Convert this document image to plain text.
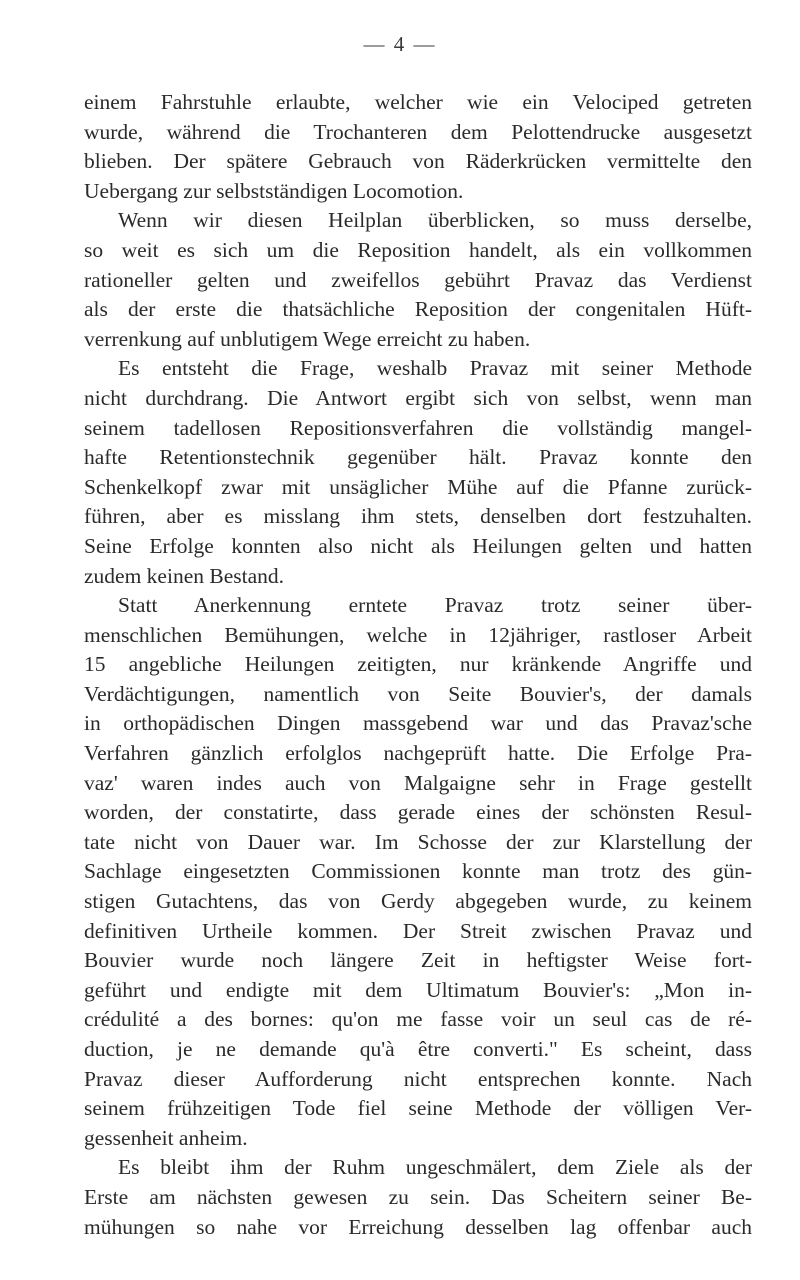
— 4 —
einem Fahrstuhle erlaubte, welcher wie ein Velociped getreten
wurde, während die Trochanteren dem Pelottendrucke ausgesetzt
blieben. Der spätere Gebrauch von Räderkrücken vermittelte den
Uebergang zur selbstständigen Locomotion.
Wenn wir diesen Heilplan überblicken, so muss derselbe,
so weit es sich um die Reposition handelt, als ein vollkommen
rationeller gelten und zweifellos gebührt Pravaz das Verdienst
als der erste die thatsächliche Reposition der congenitalen Hüft-
verrenkung auf unblutigem Wege erreicht zu haben.
Es entsteht die Frage, weshalb Pravaz mit seiner Methode
nicht durchdrang. Die Antwort ergibt sich von selbst, wenn man
seinem tadellosen Repositionsverfahren die vollständig mangel-
hafte Retentionstechnik gegenüber hält. Pravaz konnte den
Schenkelkopf zwar mit unsäglicher Mühe auf die Pfanne zurück-
führen, aber es misslang ihm stets, denselben dort festzuhalten.
Seine Erfolge konnten also nicht als Heilungen gelten und hatten
zudem keinen Bestand.
Statt Anerkennung erntete Pravaz trotz seiner über-
menschlichen Bemühungen, welche in 12jähriger, rastloser Arbeit
15 angebliche Heilungen zeitigten, nur kränkende Angriffe und
Verdächtigungen, namentlich von Seite Bouvier's, der damals
in orthopädischen Dingen massgebend war und das Pravaz'sche
Verfahren gänzlich erfolglos nachgeprüft hatte. Die Erfolge Pra-
vaz' waren indes auch von Malgaigne sehr in Frage gestellt
worden, der constatirte, dass gerade eines der schönsten Resul-
tate nicht von Dauer war. Im Schosse der zur Klarstellung der
Sachlage eingesetzten Commissionen konnte man trotz des gün-
stigen Gutachtens, das von Gerdy abgegeben wurde, zu keinem
definitiven Urtheile kommen. Der Streit zwischen Pravaz und
Bouvier wurde noch längere Zeit in heftigster Weise fort-
geführt und endigte mit dem Ultimatum Bouvier's: „Mon in-
crédulité a des bornes: qu'on me fasse voir un seul cas de ré-
duction, je ne demande qu'à être converti." Es scheint, dass
Pravaz dieser Aufforderung nicht entsprechen konnte. Nach
seinem frühzeitigen Tode fiel seine Methode der völligen Ver-
gessenheit anheim.
Es bleibt ihm der Ruhm ungeschmälert, dem Ziele als der
Erste am nächsten gewesen zu sein. Das Scheitern seiner Be-
mühungen so nahe vor Erreichung desselben lag offenbar auch
